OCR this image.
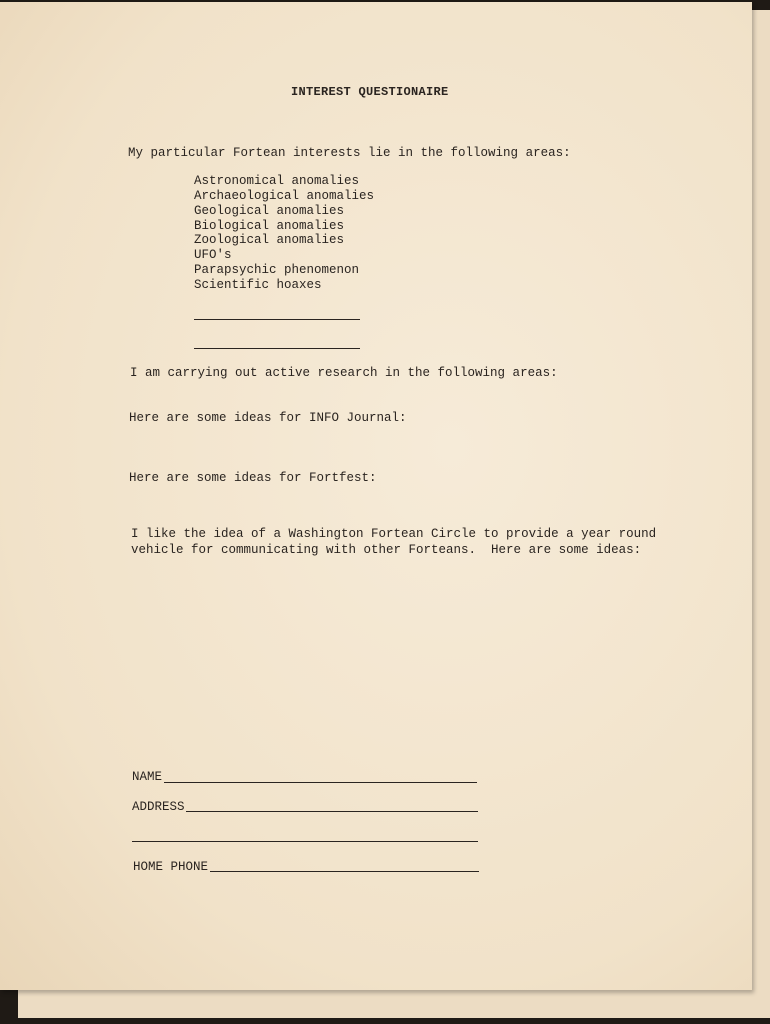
INTEREST QUESTIONAIRE
My particular Fortean interests lie in the following areas:
Astronomical anomalies
Archaeological anomalies
Geological anomalies
Biological anomalies
Zoological anomalies
UFO's
Parapsychic phenomenon
Scientific hoaxes
I am carrying out active research in the following areas:
Here are some ideas for INFO Journal:
Here are some ideas for Fortfest:
I like the idea of a Washington Fortean Circle to provide a year round
vehicle for communicating with other Forteans.  Here are some ideas:
NAME
ADDRESS
HOME PHONE
